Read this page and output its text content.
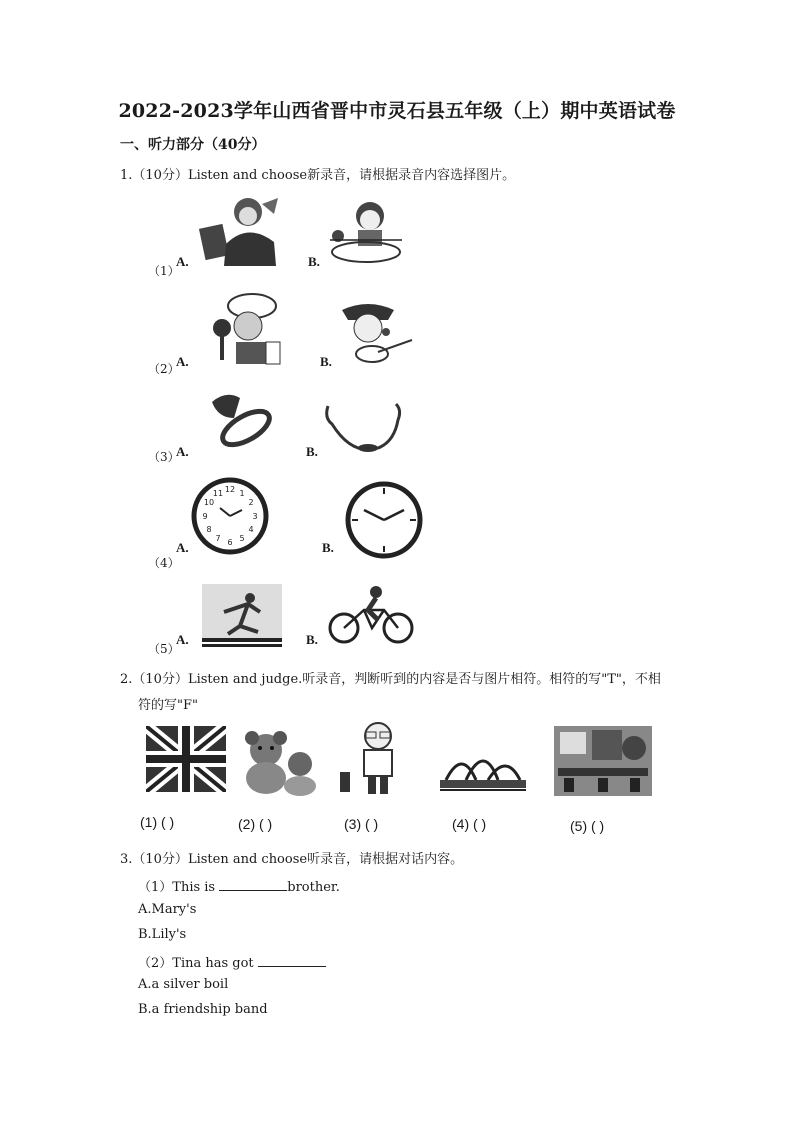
2022-2023学年山西省晋中市灵石县五年级（上）期中英语试卷
一、听力部分（40分）
1.（10分）Listen and choose新录音，请根据录音内容选择图片。
（1）
A.	B.
（2）
A.	B.
（3）
A.	B.
（4）
A.
12 1
2
3
4
5
6
7
8
9
10
11
B.
（5）
A.	B.
2.（10分）Listen and judge.听录音，判断听到的内容是否与图片相符。相符的写"T"，不相
符的写"F"
(1) ( )	(2) ( )	(3) ( )	(4) ( )	(5) ( )
3.（10分）Listen and choose听录音，请根据对话内容。
（1）This is	brother.
A.Mary's
B.Lily's
（2）Tina has got
A.a silver boil
B.a friendship band
